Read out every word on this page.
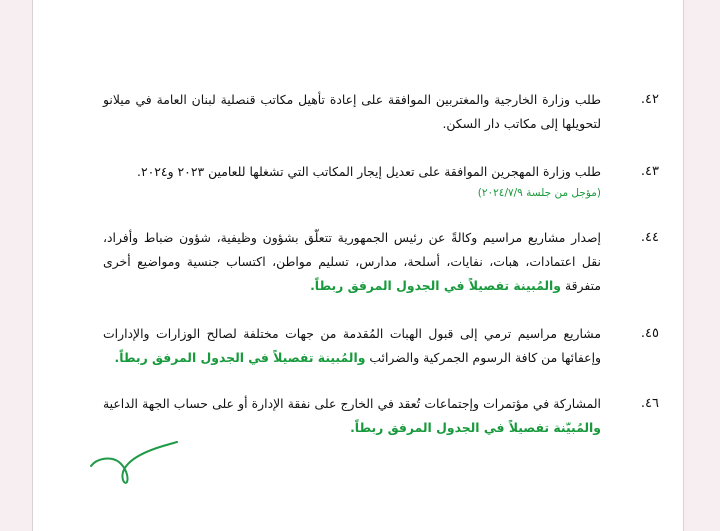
٤٢.
طلب وزارة الخارجية والمغتربين الموافقة على إعادة تأهيل مكاتب قنصلية لبنان العامة في ميلانو لتحويلها إلى مكاتب دار السكن.
٤٣.
طلب وزارة المهجرين الموافقة على تعديل إيجار المكاتب التي تشغلها للعامين ٢٠٢٣ و٢٠٢٤.
(مؤجل من جلسة ٢٠٢٤/٧/٩)
٤٤.
إصدار مشاريع مراسيم وكالةً عن رئيس الجمهورية تتعلّق بشؤون وظيفية، شؤون ضباط وأفراد، نقل اعتمادات، هبات، نفايات، أسلحة، مدارس، تسليم مواطن، اكتساب جنسية ومواضيع أخرى متفرقة والمُبينة تفصيلاً في الجدول المرفق ربطاً.
٤٥.
مشاريع مراسيم ترمي إلى قبول الهبات المُقدمة من جهات مختلفة لصالح الوزارات والإدارات وإعفائها من كافة الرسوم الجمركية والضرائب والمُبينة تفصيلاً في الجدول المرفق ربطاً.
٤٦.
المشاركة في مؤتمرات وإجتماعات تُعقد في الخارج على نفقة الإدارة أو على حساب الجهة الداعية والمُبيّنة تفصيلاً في الجدول المرفق ربطاً.
